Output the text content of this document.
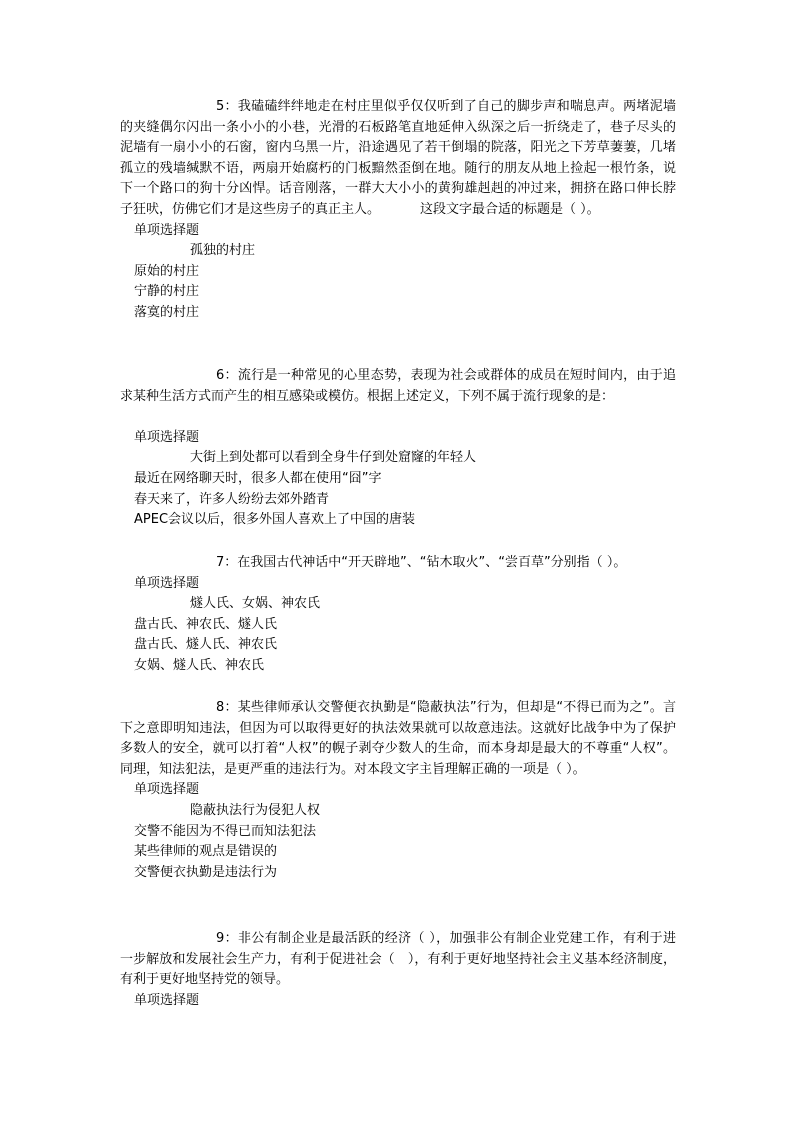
5：我磕磕绊绊地走在村庄里似乎仅仅听到了自己的脚步声和喘息声。两堵泥墙的夹缝偶尔闪出一条小小的小巷，光滑的石板路笔直地延伸入纵深之后一折绕走了，巷子尽头的泥墙有一扇小小的石窗，窗内乌黑一片，沿途遇见了若干倒塌的院落，阳光之下芳草萋萋，几堵孤立的残墙缄默不语，两扇开始腐朽的门板黯然歪倒在地。随行的朋友从地上捡起一根竹条，说下一个路口的狗十分凶悍。话音刚落，一群大大小小的黄狗雄赳赳的冲过来，拥挤在路口伸长脖子狂吠，仿佛它们才是这些房子的真正主人。	这段文字最合适的标题是（ ）。

单项选择题

孤独的村庄

原始的村庄

宁静的村庄

落寞的村庄

6：流行是一种常见的心里态势，表现为社会或群体的成员在短时间内，由于追求某种生活方式而产生的相互感染或模仿。根据上述定义，下列不属于流行现象的是：

单项选择题

大街上到处都可以看到全身牛仔到处窟窿的年轻人

最近在网络聊天时，很多人都在使用“囧”字

春天来了，许多人纷纷去郊外踏青

APEC会议以后，很多外国人喜欢上了中国的唐装

7：在我国古代神话中“开天辟地”、“钻木取火”、“尝百草”分别指（ ）。

单项选择题

燧人氏、女娲、神农氏

盘古氏、神农氏、燧人氏

盘古氏、燧人氏、神农氏

女娲、燧人氏、神农氏

8：某些律师承认交警便衣执勤是“隐蔽执法”行为，但却是“不得已而为之”。言下之意即明知违法，但因为可以取得更好的执法效果就可以故意违法。这就好比战争中为了保护多数人的安全，就可以打着“人权”的幌子剥夺少数人的生命，而本身却是最大的不尊重“人权”。同理，知法犯法，是更严重的违法行为。对本段文字主旨理解正确的一项是（ ）。

单项选择题

隐蔽执法行为侵犯人权

交警不能因为不得已而知法犯法

某些律师的观点是错误的

交警便衣执勤是违法行为

9：非公有制企业是最活跃的经济（ ），加强非公有制企业党建工作，有利于进一步解放和发展社会生产力，有利于促进社会（　），有利于更好地坚持社会主义基本经济制度，有利于更好地坚持党的领导。

单项选择题
